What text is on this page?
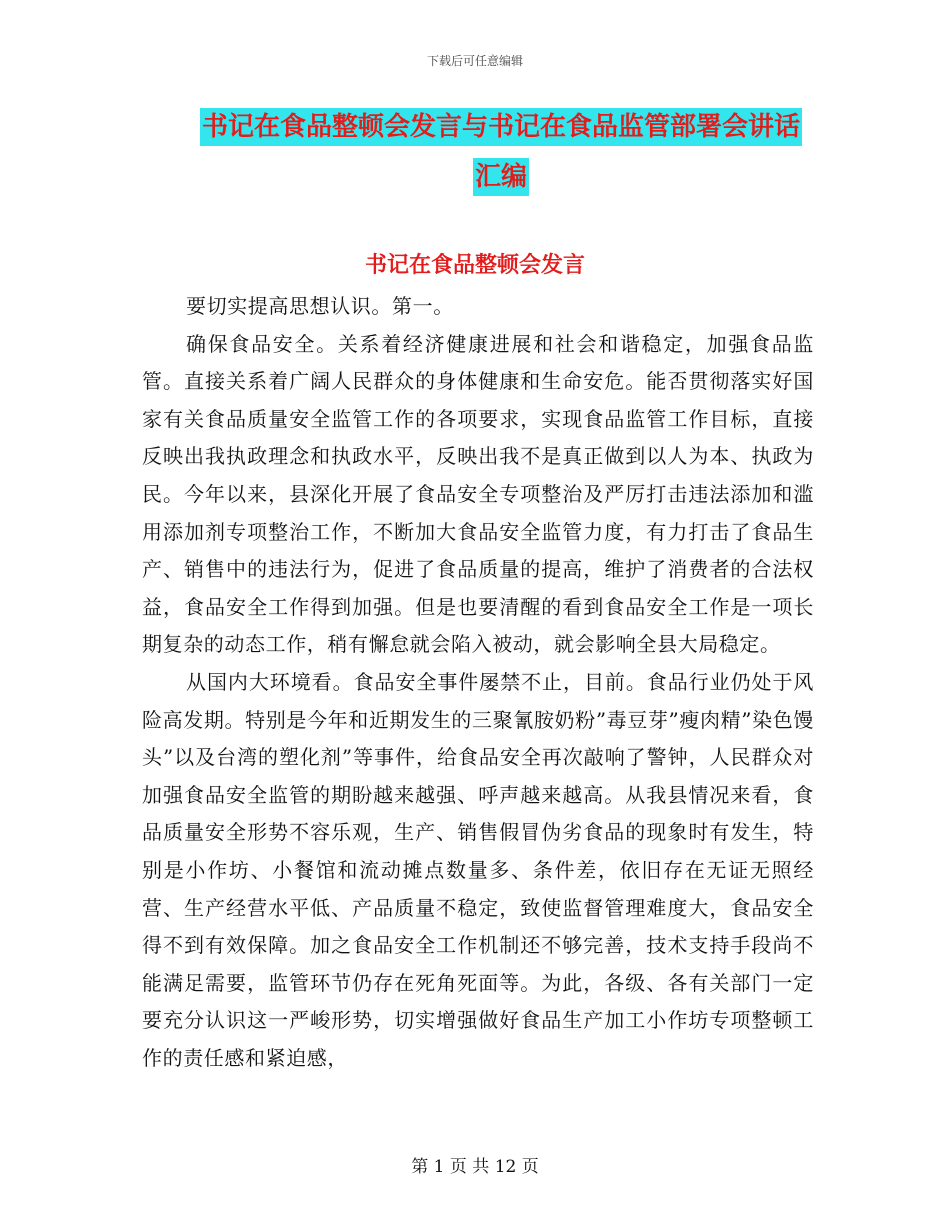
下载后可任意编辑
书记在食品整顿会发言与书记在食品监管部署会讲话
汇编
书记在食品整顿会发言

要切实提高思想认识。第一。

确保食品安全。关系着经济健康进展和社会和谐稳定，加强食品监管。直接关系着广阔人民群众的身体健康和生命安危。能否贯彻落实好国家有关食品质量安全监管工作的各项要求，实现食品监管工作目标，直接反映出我执政理念和执政水平，反映出我不是真正做到以人为本、执政为民。今年以来，县深化开展了食品安全专项整治及严厉打击违法添加和滥用添加剂专项整治工作，不断加大食品安全监管力度，有力打击了食品生产、销售中的违法行为，促进了食品质量的提高，维护了消费者的合法权益，食品安全工作得到加强。但是也要清醒的看到食品安全工作是一项长期复杂的动态工作，稍有懈怠就会陷入被动，就会影响全县大局稳定。

从国内大环境看。食品安全事件屡禁不止，目前。食品行业仍处于风险高发期。特别是今年和近期发生的三聚氰胺奶粉”毒豆芽”瘦肉精”染色馒头”以及台湾的塑化剂”等事件，给食品安全再次敲响了警钟，人民群众对加强食品安全监管的期盼越来越强、呼声越来越高。从我县情况来看，食品质量安全形势不容乐观，生产、销售假冒伪劣食品的现象时有发生，特别是小作坊、小餐馆和流动摊点数量多、条件差，依旧存在无证无照经营、生产经营水平低、产品质量不稳定，致使监督管理难度大，食品安全得不到有效保障。加之食品安全工作机制还不够完善，技术支持手段尚不能满足需要，监管环节仍存在死角死面等。为此，各级、各有关部门一定要充分认识这一严峻形势，切实增强做好食品生产加工小作坊专项整顿工作的责任感和紧迫感，

第 1 页 共 12 页
